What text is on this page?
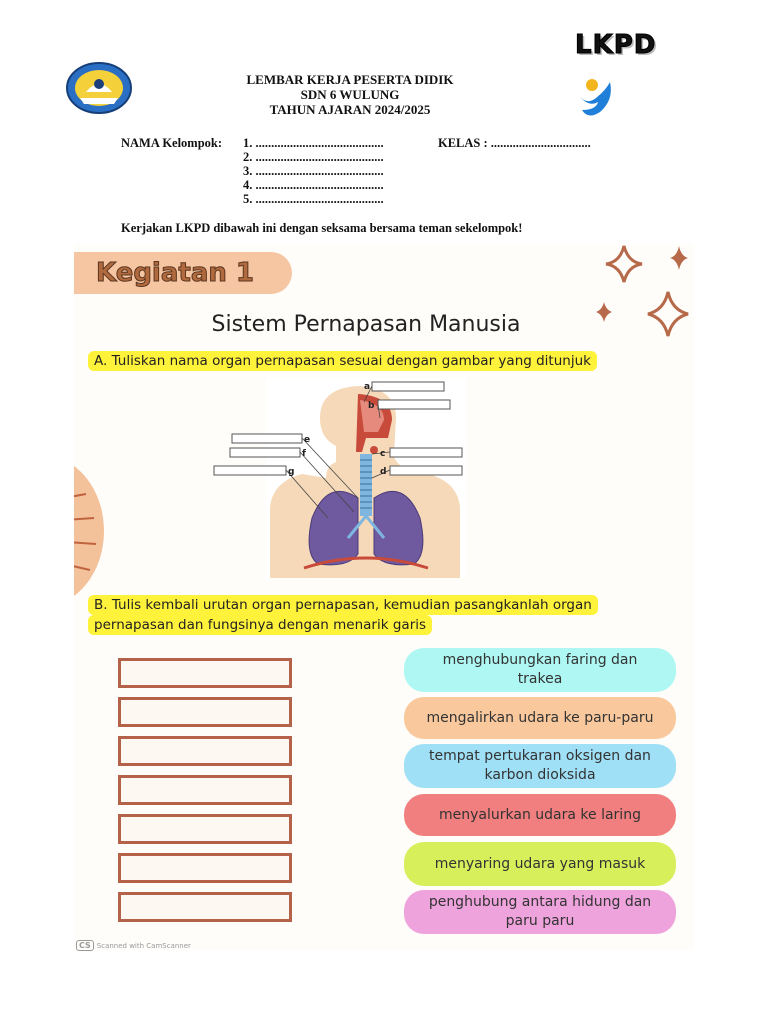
LEMBAR KERJA PESERTA DIDIK
SDN 6 WULUNG
TAHUN AJARAN 2024/2025
LKPD
NAMA Kelompok: 1. .........................................
2. .........................................
3. .........................................
4. .........................................
5. .........................................
KELAS : ................................
Kerjakan LKPD dibawah ini dengan seksama bersama teman sekelompok!
Kegiatan 1
Sistem Pernapasan Manusia
A. Tuliskan nama organ pernapasan sesuai dengan gambar yang ditunjuk
a
b
c
d
e
f
g
B. Tulis kembali urutan organ pernapasan, kemudian pasangkanlah organ
pernapasan dan fungsinya dengan menarik garis
menghubungkan faring dan trakea
mengalirkan udara ke paru-paru
tempat pertukaran oksigen dan karbon dioksida
menyalurkan udara ke laring
menyaring udara yang masuk
penghubung antara hidung dan paru paru
CS Scanned with CamScanner
